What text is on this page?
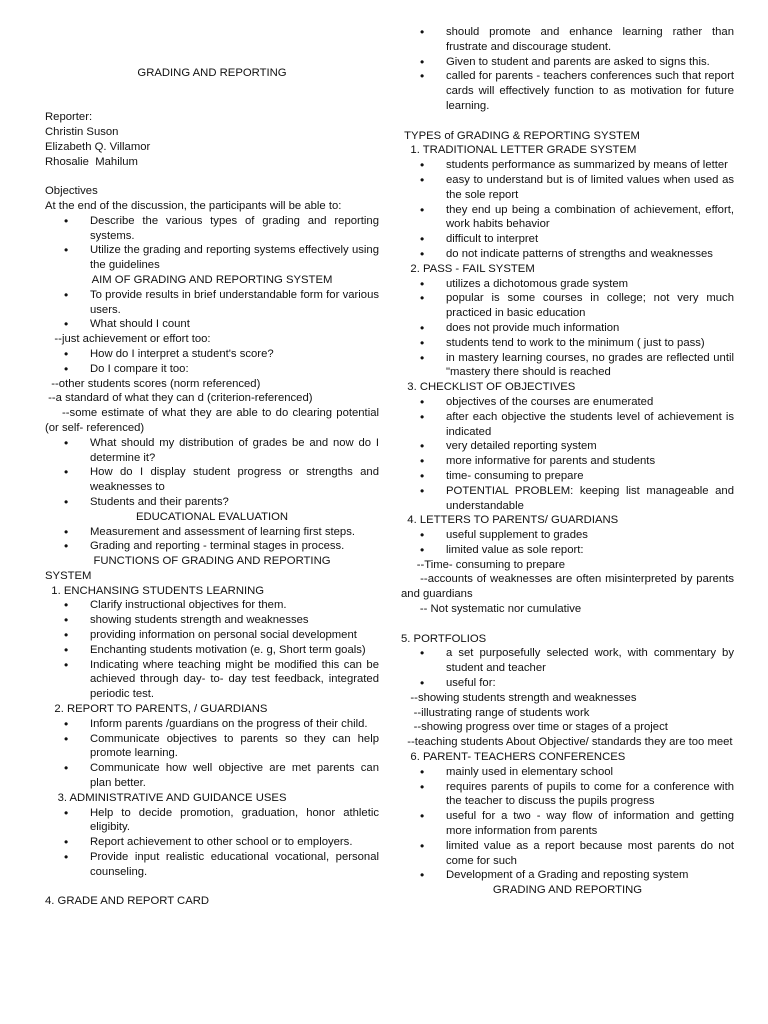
GRADING AND REPORTING
Reporter:
Christin Suson
Elizabeth Q. Villamor
Rhosalie  Mahilum
Objectives
At the end of the discussion, the participants will be able to:
• Describe the various types of grading and reporting systems.
• Utilize the grading and reporting systems effectively using the guidelines
AIM OF GRADING AND REPORTING SYSTEM
• To provide results in brief understandable form for various users.
• What should I count
--just achievement or effort too:
• How do I interpret a student's score?
• Do I compare it too:
--other students scores (norm referenced)
--a standard of what they can d (criterion-referenced)
--some estimate of what they are able to do clearing potential (or self- referenced)
• What should my distribution of grades be and now do I determine it?
• How do I display student progress or strengths and weaknesses to
• Students and their parents?
EDUCATIONAL EVALUATION
• Measurement and assessment of learning first steps.
• Grading and reporting - terminal stages in process.
FUNCTIONS OF GRADING AND REPORTING
SYSTEM
1. ENCHANSING STUDENTS LEARNING
• Clarify instructional objectives for them.
• showing students strength and weaknesses
• providing information on personal social development
• Enchanting students motivation (e. g, Short term goals)
• Indicating where teaching might be modified this can be achieved through day- to- day test feedback, integrated periodic test.
2. REPORT TO PARENTS, / GUARDIANS
• Inform parents /guardians on the progress of their child.
• Communicate objectives to parents so they can help promote learning.
• Communicate how well objective are met parents can plan better.
3. ADMINISTRATIVE AND GUIDANCE USES
• Help to decide promotion, graduation, honor athletic eligibity.
• Report achievement to other school or to employers.
• Provide input realistic educational vocational, personal counseling.
4. GRADE AND REPORT CARD
• should promote and enhance learning rather than frustrate and discourage student.
• Given to student and parents are asked to signs this.
• called for parents - teachers conferences such that report cards will effectively function to as motivation for future learning.
TYPES of GRADING & REPORTING SYSTEM
1. TRADITIONAL LETTER GRADE SYSTEM
• students performance as summarized by means of letter
• easy to understand but is of limited values when used as the sole report
• they end up being a combination of achievement, effort, work habits behavior
• difficult to interpret
• do not indicate patterns of strengths and weaknesses
2. PASS - FAIL SYSTEM
• utilizes a dichotomous grade system
• popular is some courses in college; not very much practiced in basic education
• does not provide much information
• students tend to work to the minimum ( just to pass)
• in mastery learning courses, no grades are reflected until "mastery there should is reached
3. CHECKLIST OF OBJECTIVES
• objectives of the courses are enumerated
• after each objective the students level of achievement is indicated
• very detailed reporting system
• more informative for parents and students
• time- consuming to prepare
• POTENTIAL PROBLEM: keeping list manageable and understandable
4. LETTERS TO PARENTS/ GUARDIANS
• useful supplement to grades
• limited value as sole report:
--Time- consuming to prepare
--accounts of weaknesses are often misinterpreted by parents and guardians
-- Not systematic nor cumulative
5. PORTFOLIOS
• a set purposefully selected work, with commentary by student and teacher
• useful for:
--showing students strength and weaknesses
--illustrating range of students work
--showing progress over time or stages of a project
--teaching students About Objective/ standards they are too meet
6. PARENT- TEACHERS CONFERENCES
• mainly used in elementary school
• requires parents of pupils to come for a conference with the teacher to discuss the pupils progress
• useful for a two - way flow of information and getting more information from parents
• limited value as a report because most parents do not come for such
• Development of a Grading and reposting system
GRADING AND REPORTING
